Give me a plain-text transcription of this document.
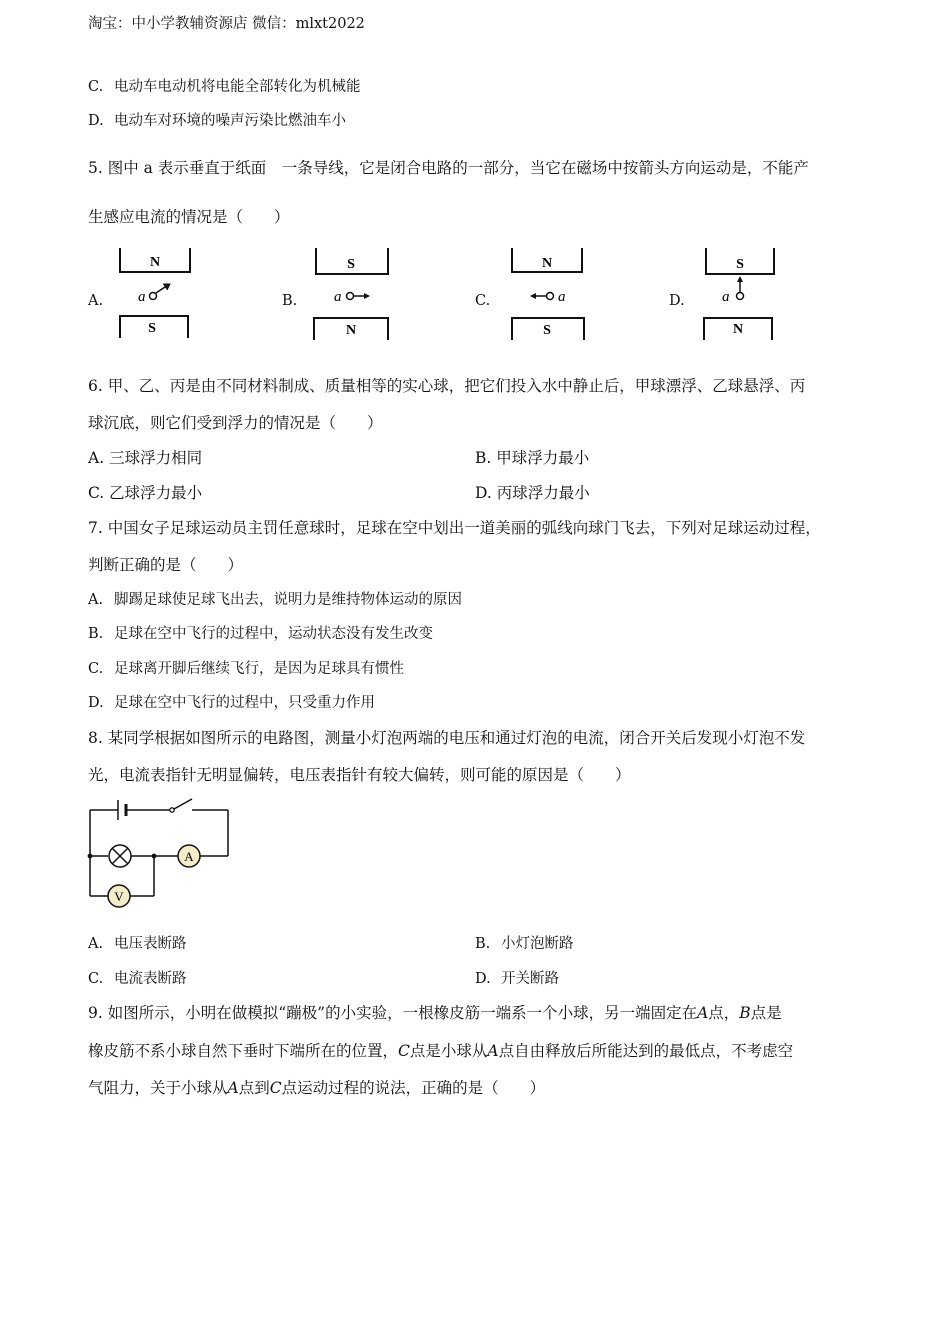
淘宝：中小学教辅资源店 微信：mlxt2022
C. 电动车电动机将电能全部转化为机械能
D. 电动车对环境的噪声污染比燃油车小
5. 图中 a 表示垂直于纸面　一条导线，它是闭合电路的一部分，当它在磁场中按箭头方向运动是，不能产
生感应电流的情况是（　　）
A.
N
a
S
B.
S
a
N
C.
N
a
S
D.
S
a
N
6. 甲、乙、丙是由不同材料制成、质量相等的实心球，把它们投入水中静止后，甲球漂浮、乙球悬浮、丙
球沉底，则它们受到浮力的情况是（　　）
A. 三球浮力相同	B. 甲球浮力最小
C. 乙球浮力最小	D. 丙球浮力最小
7. 中国女子足球运动员主罚任意球时，足球在空中划出一道美丽的弧线向球门飞去，下列对足球运动过程，
判断正确的是（　　）
A. 脚踢足球使足球飞出去，说明力是维持物体运动的原因
B. 足球在空中飞行的过程中，运动状态没有发生改变
C. 足球离开脚后继续飞行，是因为足球具有惯性
D. 足球在空中飞行的过程中，只受重力作用
8. 某同学根据如图所示的电路图，测量小灯泡两端的电压和通过灯泡的电流，闭合开关后发现小灯泡不发
光，电流表指针无明显偏转，电压表指针有较大偏转，则可能的原因是（　　）
A
V
A. 电压表断路	B. 小灯泡断路
C. 电流表断路	D. 开关断路
9. 如图所示，小明在做模拟“蹦极”的小实验，一根橡皮筋一端系一个小球，另一端固定在A点，B点是
橡皮筋不系小球自然下垂时下端所在的位置，C点是小球从A点自由释放后所能达到的最低点，不考虑空
气阻力，关于小球从A点到C点运动过程的说法，正确的是（　　）
